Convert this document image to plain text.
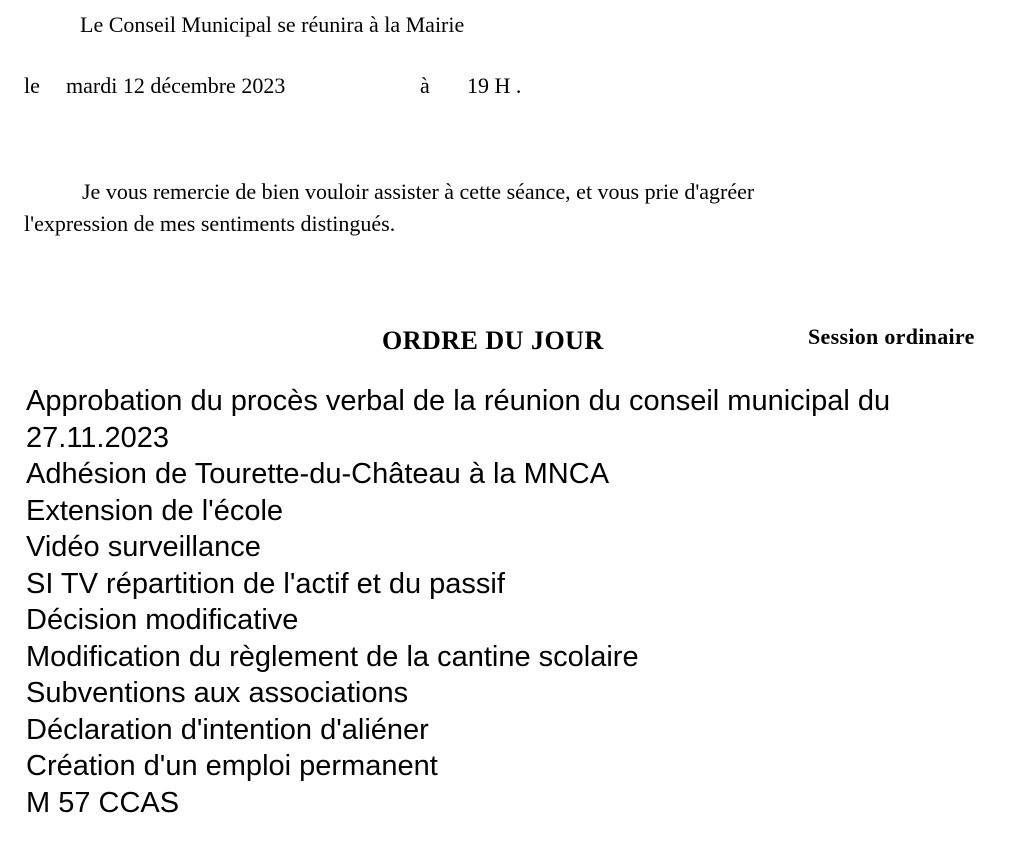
Le Conseil Municipal se réunira à la Mairie
le mardi 12 décembre 2023	à 19 H .
Je vous remercie de bien vouloir assister à cette séance, et vous prie d'agréer
l'expression de mes sentiments distingués.
ORDRE DU JOUR	Session ordinaire
Approbation du procès verbal de la réunion du conseil municipal du 27.11.2023
Adhésion de Tourette-du-Château à la MNCA
Extension de l'école
Vidéo surveillance
SI TV répartition de l'actif et du passif
Décision modificative
Modification du règlement de la cantine scolaire
Subventions aux associations
Déclaration d'intention d'aliéner
Création d'un emploi permanent
M 57 CCAS
